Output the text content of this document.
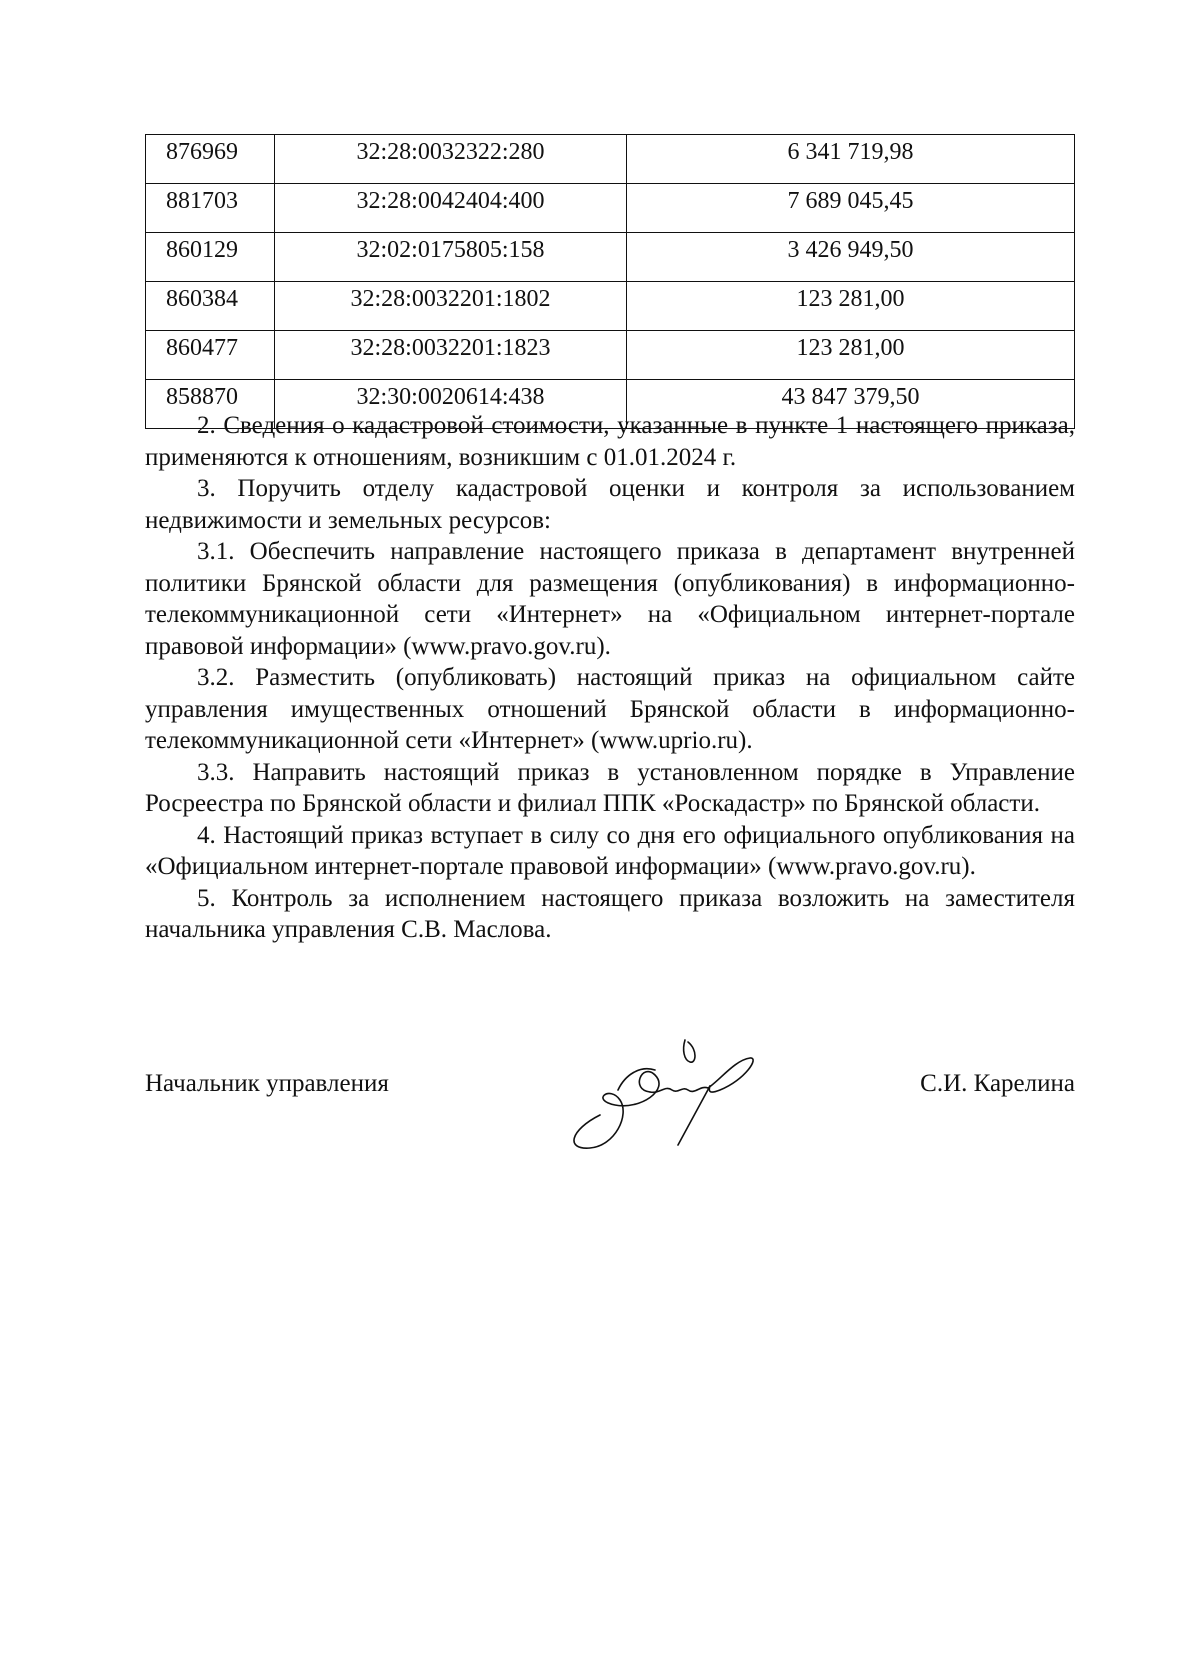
876969	32:28:0032322:280	6 341 719,98
881703	32:28:0042404:400	7 689 045,45
860129	32:02:0175805:158	3 426 949,50
860384	32:28:0032201:1802	123 281,00
860477	32:28:0032201:1823	123 281,00
858870	32:30:0020614:438	43 847 379,50

2. Сведения о кадастровой стоимости, указанные в пункте 1 настоящего приказа, применяются к отношениям, возникшим с 01.01.2024 г.

3. Поручить отделу кадастровой оценки и контроля за использованием недвижимости и земельных ресурсов:

3.1. Обеспечить направление настоящего приказа в департамент внутренней политики Брянской области для размещения (опубликования) в информационно-телекоммуникационной сети «Интернет» на «Официальном интернет-портале правовой информации» (www.pravo.gov.ru).

3.2. Разместить (опубликовать) настоящий приказ на официальном сайте управления имущественных отношений Брянской области в информационно-телекоммуникационной сети «Интернет» (www.uprio.ru).

3.3. Направить настоящий приказ в установленном порядке в Управление Росреестра по Брянской области и филиал ППК «Роскадастр» по Брянской области.

4. Настоящий приказ вступает в силу со дня его официального опубликования на «Официальном интернет-портале правовой информации» (www.pravo.gov.ru).

5. Контроль за исполнением настоящего приказа возложить на заместителя начальника управления С.В. Маслова.

Начальник управления	С.И. Карелина
